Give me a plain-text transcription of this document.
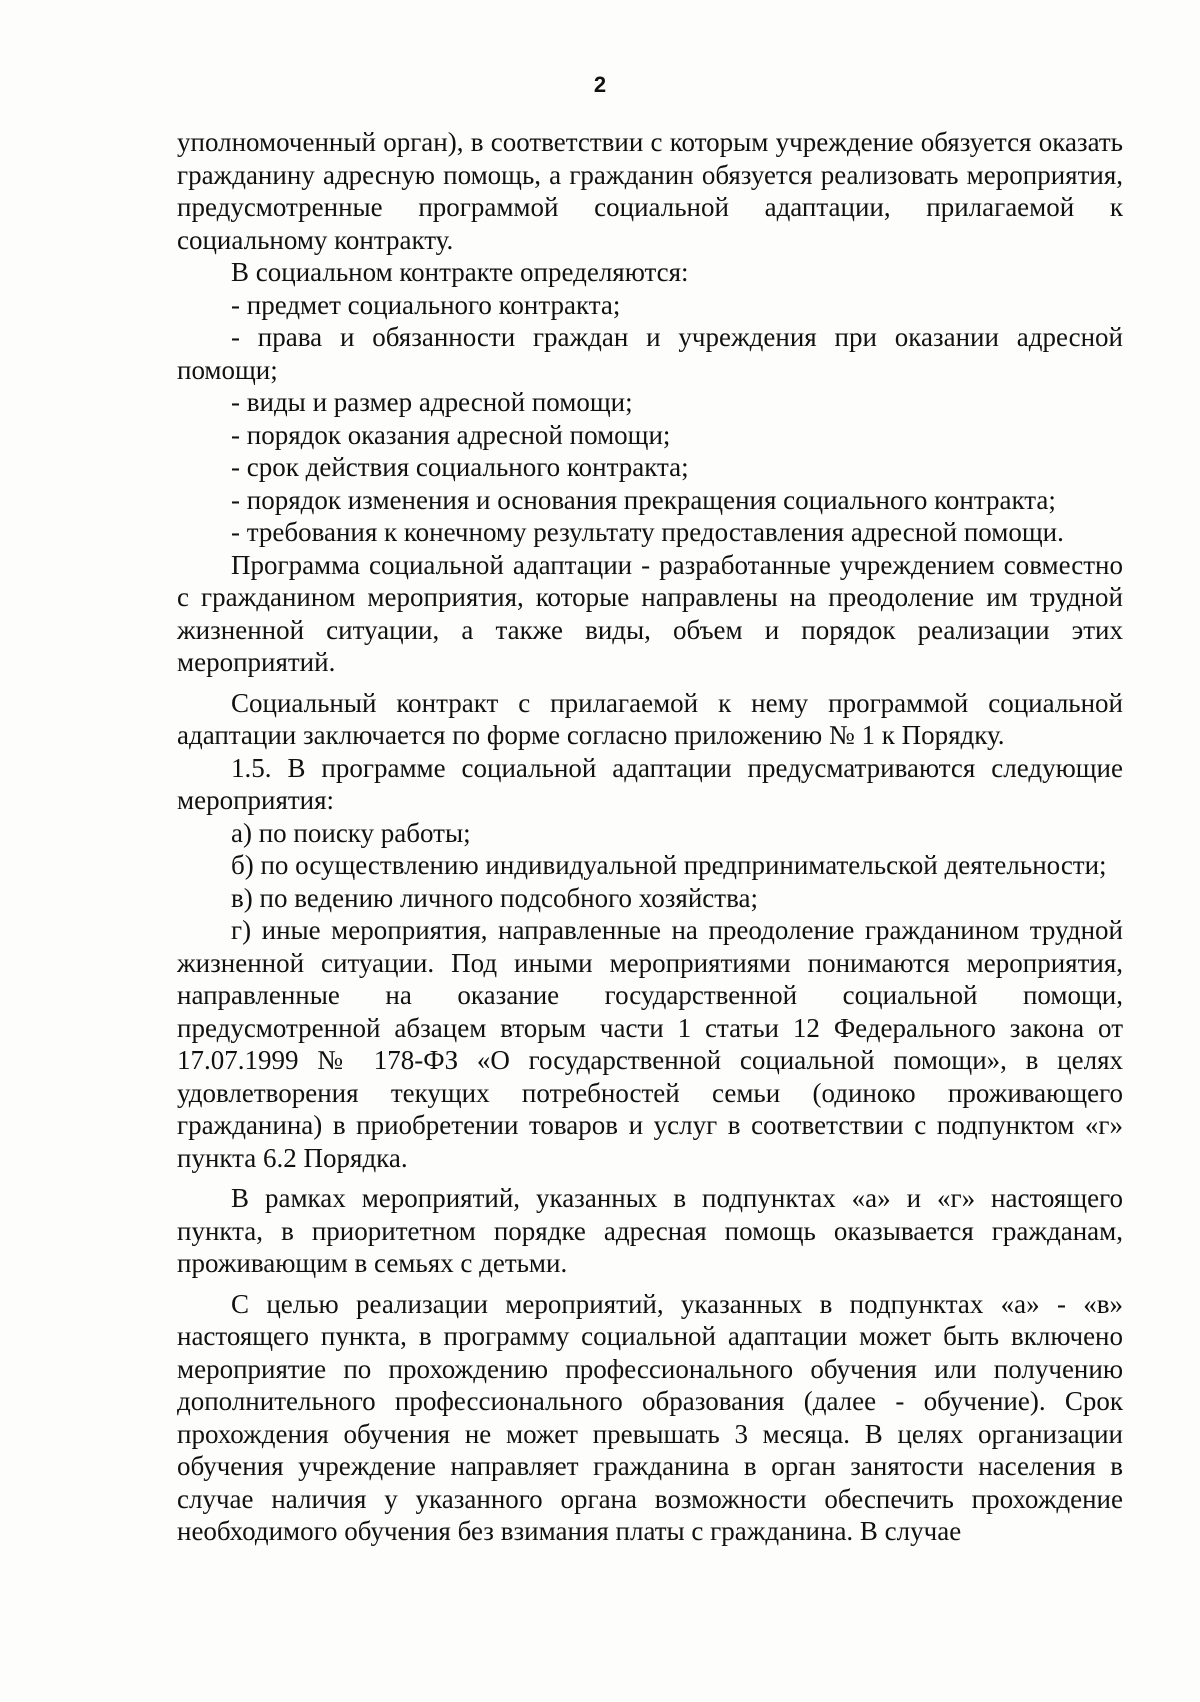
2

уполномоченный орган), в соответствии с которым учреждение обязуется оказать гражданину адресную помощь, а гражданин обязуется реализовать мероприятия, предусмотренные программой социальной адаптации, прилагаемой к социальному контракту.

В социальном контракте определяются:

- предмет социального контракта;

- права и обязанности граждан и учреждения при оказании адресной помощи;

- виды и размер адресной помощи;

- порядок оказания адресной помощи;

- срок действия социального контракта;

- порядок изменения и основания прекращения социального контракта;

- требования к конечному результату предоставления адресной помощи.

Программа социальной адаптации - разработанные учреждением совместно с гражданином мероприятия, которые направлены на преодоление им трудной жизненной ситуации, а также виды, объем и порядок реализации этих мероприятий.

Социальный контракт с прилагаемой к нему программой социальной адаптации заключается по форме согласно приложению № 1 к Порядку.

1.5. В программе социальной адаптации предусматриваются следующие мероприятия:

а) по поиску работы;

б) по осуществлению индивидуальной предпринимательской деятельности;

в) по ведению личного подсобного хозяйства;

г) иные мероприятия, направленные на преодоление гражданином трудной жизненной ситуации. Под иными мероприятиями понимаются мероприятия, направленные на оказание государственной социальной помощи, предусмотренной абзацем вторым части 1 статьи 12 Федерального закона от 17.07.1999 № 178-ФЗ «О государственной социальной помощи», в целях удовлетворения текущих потребностей семьи (одиноко проживающего гражданина) в приобретении товаров и услуг в соответствии с подпунктом «г» пункта 6.2 Порядка.

В рамках мероприятий, указанных в подпунктах «а» и «г» настоящего пункта, в приоритетном порядке адресная помощь оказывается гражданам, проживающим в семьях с детьми.

С целью реализации мероприятий, указанных в подпунктах «а» - «в» настоящего пункта, в программу социальной адаптации может быть включено мероприятие по прохождению профессионального обучения или получению дополнительного профессионального образования (далее - обучение). Срок прохождения обучения не может превышать 3 месяца. В целях организации обучения учреждение направляет гражданина в орган занятости населения в случае наличия у указанного органа возможности обеспечить прохождение необходимого обучения без взимания платы с гражданина. В случае
